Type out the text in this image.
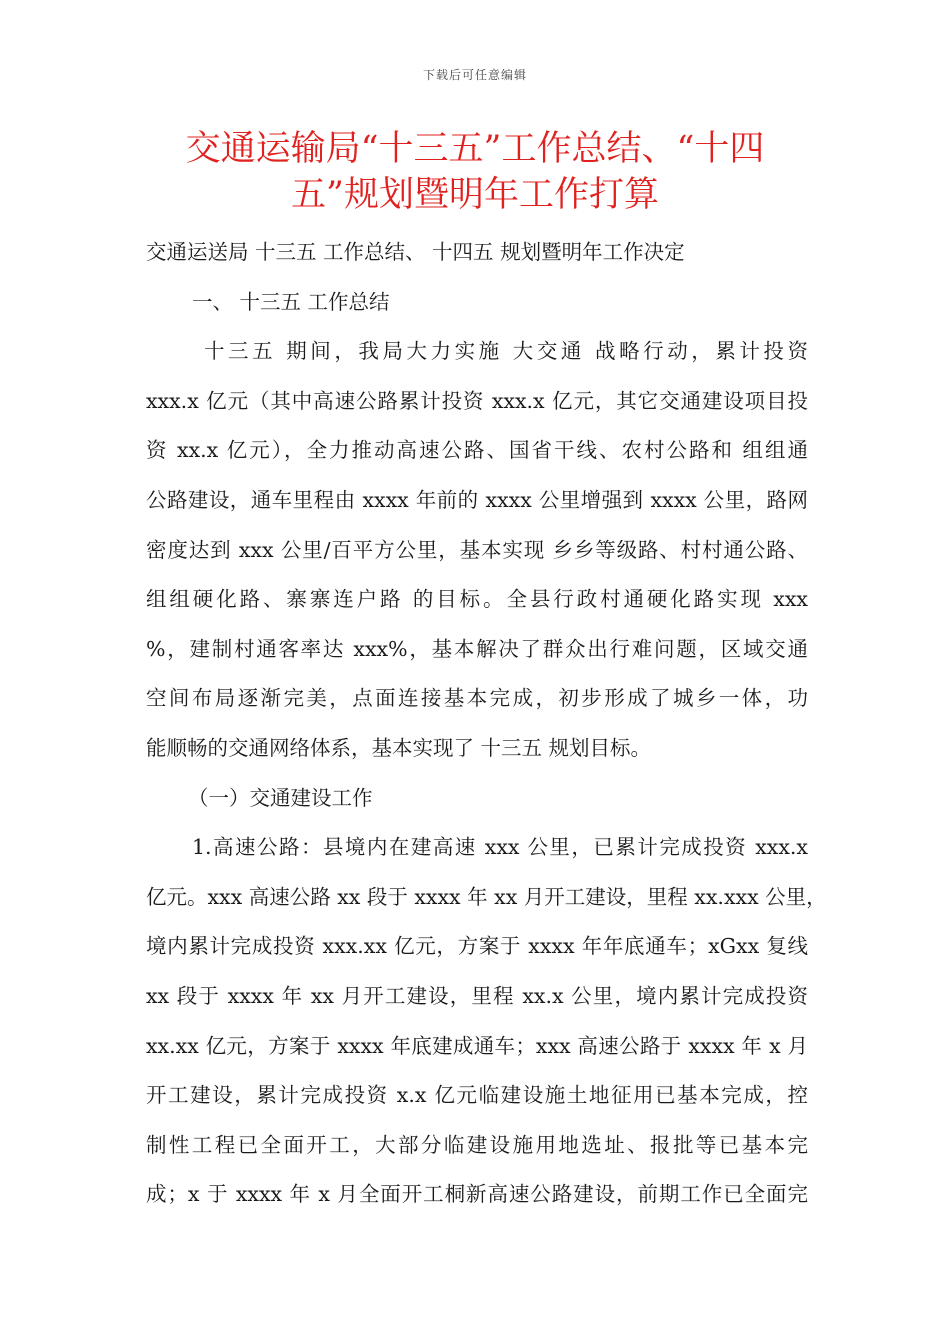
下载后可任意编辑
交通运输局“十三五”工作总结、“十四
五”规划暨明年工作打算
交通运送局 十三五 工作总结、 十四五 规划暨明年工作决定
一、 十三五 工作总结
十三五 期间，我局大力实施 大交通 战略行动，累计投资
xxx.x 亿元（其中高速公路累计投资 xxx.x 亿元，其它交通建设项目投
资 xx.x 亿元），全力推动高速公路、国省干线、农村公路和 组组通
公路建设，通车里程由 xxxx 年前的 xxxx 公里增强到 xxxx 公里，路网
密度达到 xxx 公里/百平方公里，基本实现 乡乡等级路、村村通公路、
组组硬化路、寨寨连户路 的目标。全县行政村通硬化路实现 xxx
%，建制村通客率达 xxx%，基本解决了群众出行难问题，区域交通
空间布局逐渐完美，点面连接基本完成，初步形成了城乡一体，功
能顺畅的交通网络体系，基本实现了 十三五 规划目标。
（一）交通建设工作
1.高速公路：县境内在建高速 xxx 公里，已累计完成投资 xxx.x
亿元。xxx 高速公路 xx 段于 xxxx 年 xx 月开工建设，里程 xx.xxx 公里，
境内累计完成投资 xxx.xx 亿元，方案于 xxxx 年年底通车；xGxx 复线
xx 段于 xxxx 年 xx 月开工建设，里程 xx.x 公里，境内累计完成投资
xx.xx 亿元，方案于 xxxx 年底建成通车；xxx 高速公路于 xxxx 年 x 月
开工建设，累计完成投资 x.x 亿元临建设施土地征用已基本完成，控
制性工程已全面开工，大部分临建设施用地选址、报批等已基本完
成；x 于 xxxx 年 x 月全面开工桐新高速公路建设，前期工作已全面完
